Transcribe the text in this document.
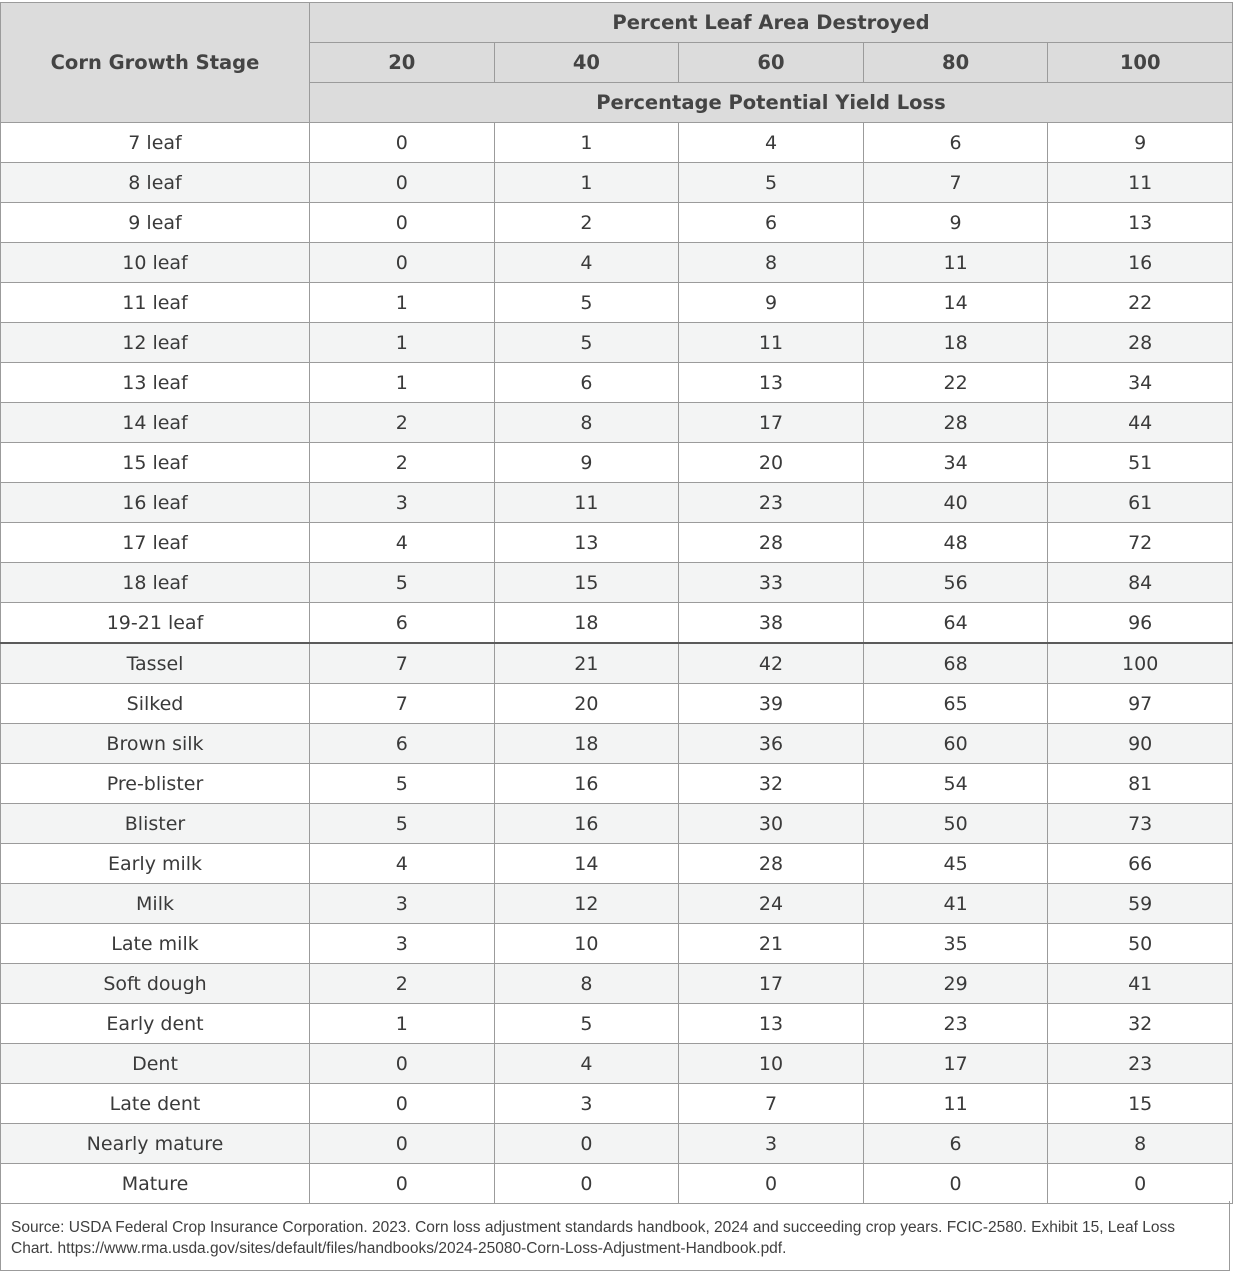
Corn Growth Stage	Percent Leaf Area Destroyed				
	20	40	60	80	100
	Percentage Potential Yield Loss				
7 leaf	0	1	4	6	9
8 leaf	0	1	5	7	11
9 leaf	0	2	6	9	13
10 leaf	0	4	8	11	16
11 leaf	1	5	9	14	22
12 leaf	1	5	11	18	28
13 leaf	1	6	13	22	34
14 leaf	2	8	17	28	44
15 leaf	2	9	20	34	51
16 leaf	3	11	23	40	61
17 leaf	4	13	28	48	72
18 leaf	5	15	33	56	84
19-21 leaf	6	18	38	64	96
Tassel	7	21	42	68	100
Silked	7	20	39	65	97
Brown silk	6	18	36	60	90
Pre-blister	5	16	32	54	81
Blister	5	16	30	50	73
Early milk	4	14	28	45	66
Milk	3	12	24	41	59
Late milk	3	10	21	35	50
Soft dough	2	8	17	29	41
Early dent	1	5	13	23	32
Dent	0	4	10	17	23
Late dent	0	3	7	11	15
Nearly mature	0	0	3	6	8
Mature	0	0	0	0	0
Source: USDA Federal Crop Insurance Corporation. 2023. Corn loss adjustment standards handbook, 2024 and succeeding crop years. FCIC-2580. Exhibit 15, Leaf Loss Chart. https://www.rma.usda.gov/sites/default/files/handbooks/2024-25080-Corn-Loss-Adjustment-Handbook.pdf.
